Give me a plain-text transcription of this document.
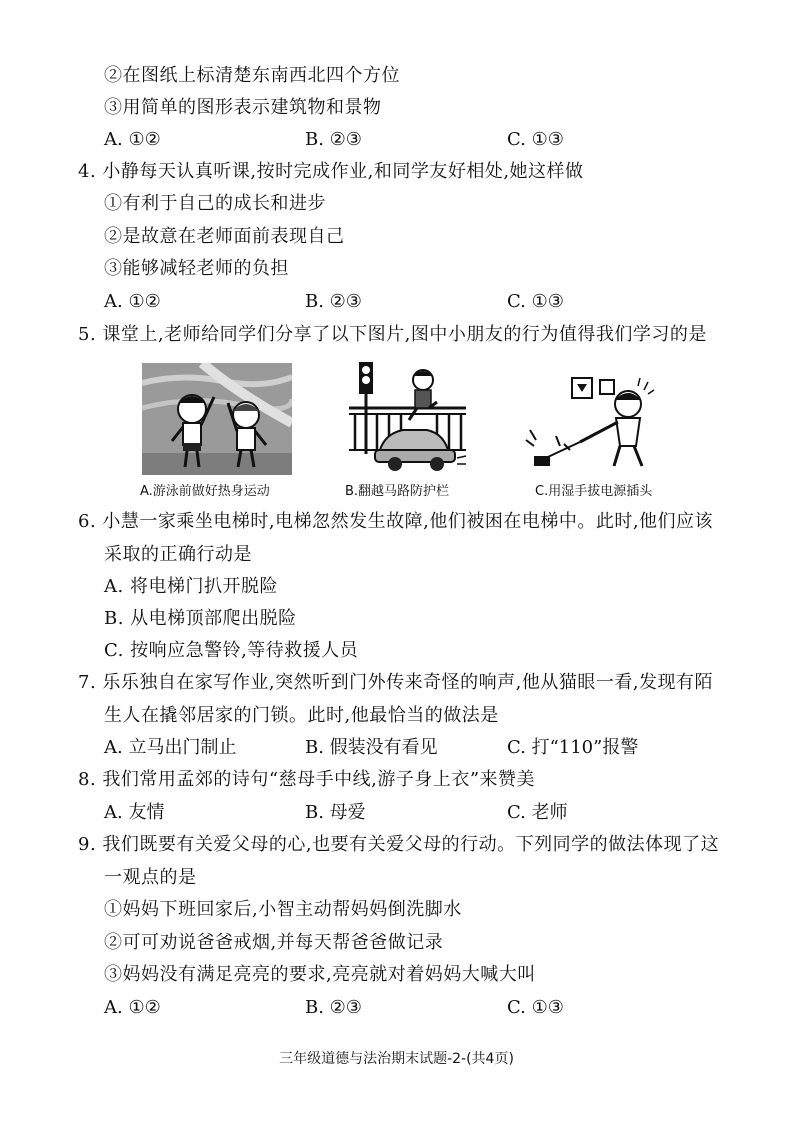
②在图纸上标清楚东南西北四个方位
③用简单的图形表示建筑物和景物
A. ①②	B. ②③	C. ①③
4. 小静每天认真听课,按时完成作业,和同学友好相处,她这样做
①有利于自己的成长和进步
②是故意在老师面前表现自己
③能够减轻老师的负担
A. ①②	B. ②③	C. ①③
5. 课堂上,老师给同学们分享了以下图片,图中小朋友的行为值得我们学习的是
A.游泳前做好热身运动	B.翻越马路防护栏	C.用湿手拔电源插头
6. 小慧一家乘坐电梯时,电梯忽然发生故障,他们被困在电梯中。此时,他们应该
采取的正确行动是
A. 将电梯门扒开脱险
B. 从电梯顶部爬出脱险
C. 按响应急警铃,等待救援人员
7. 乐乐独自在家写作业,突然听到门外传来奇怪的响声,他从猫眼一看,发现有陌
生人在撬邻居家的门锁。此时,他最恰当的做法是
A. 立马出门制止	B. 假装没有看见	C. 打“110”报警
8. 我们常用孟郊的诗句“慈母手中线,游子身上衣”来赞美
A. 友情	B. 母爱	C. 老师
9. 我们既要有关爱父母的心,也要有关爱父母的行动。下列同学的做法体现了这
一观点的是
①妈妈下班回家后,小智主动帮妈妈倒洗脚水
②可可劝说爸爸戒烟,并每天帮爸爸做记录
③妈妈没有满足亮亮的要求,亮亮就对着妈妈大喊大叫
A. ①②	B. ②③	C. ①③
三年级道德与法治期末试题-2-(共4页)
